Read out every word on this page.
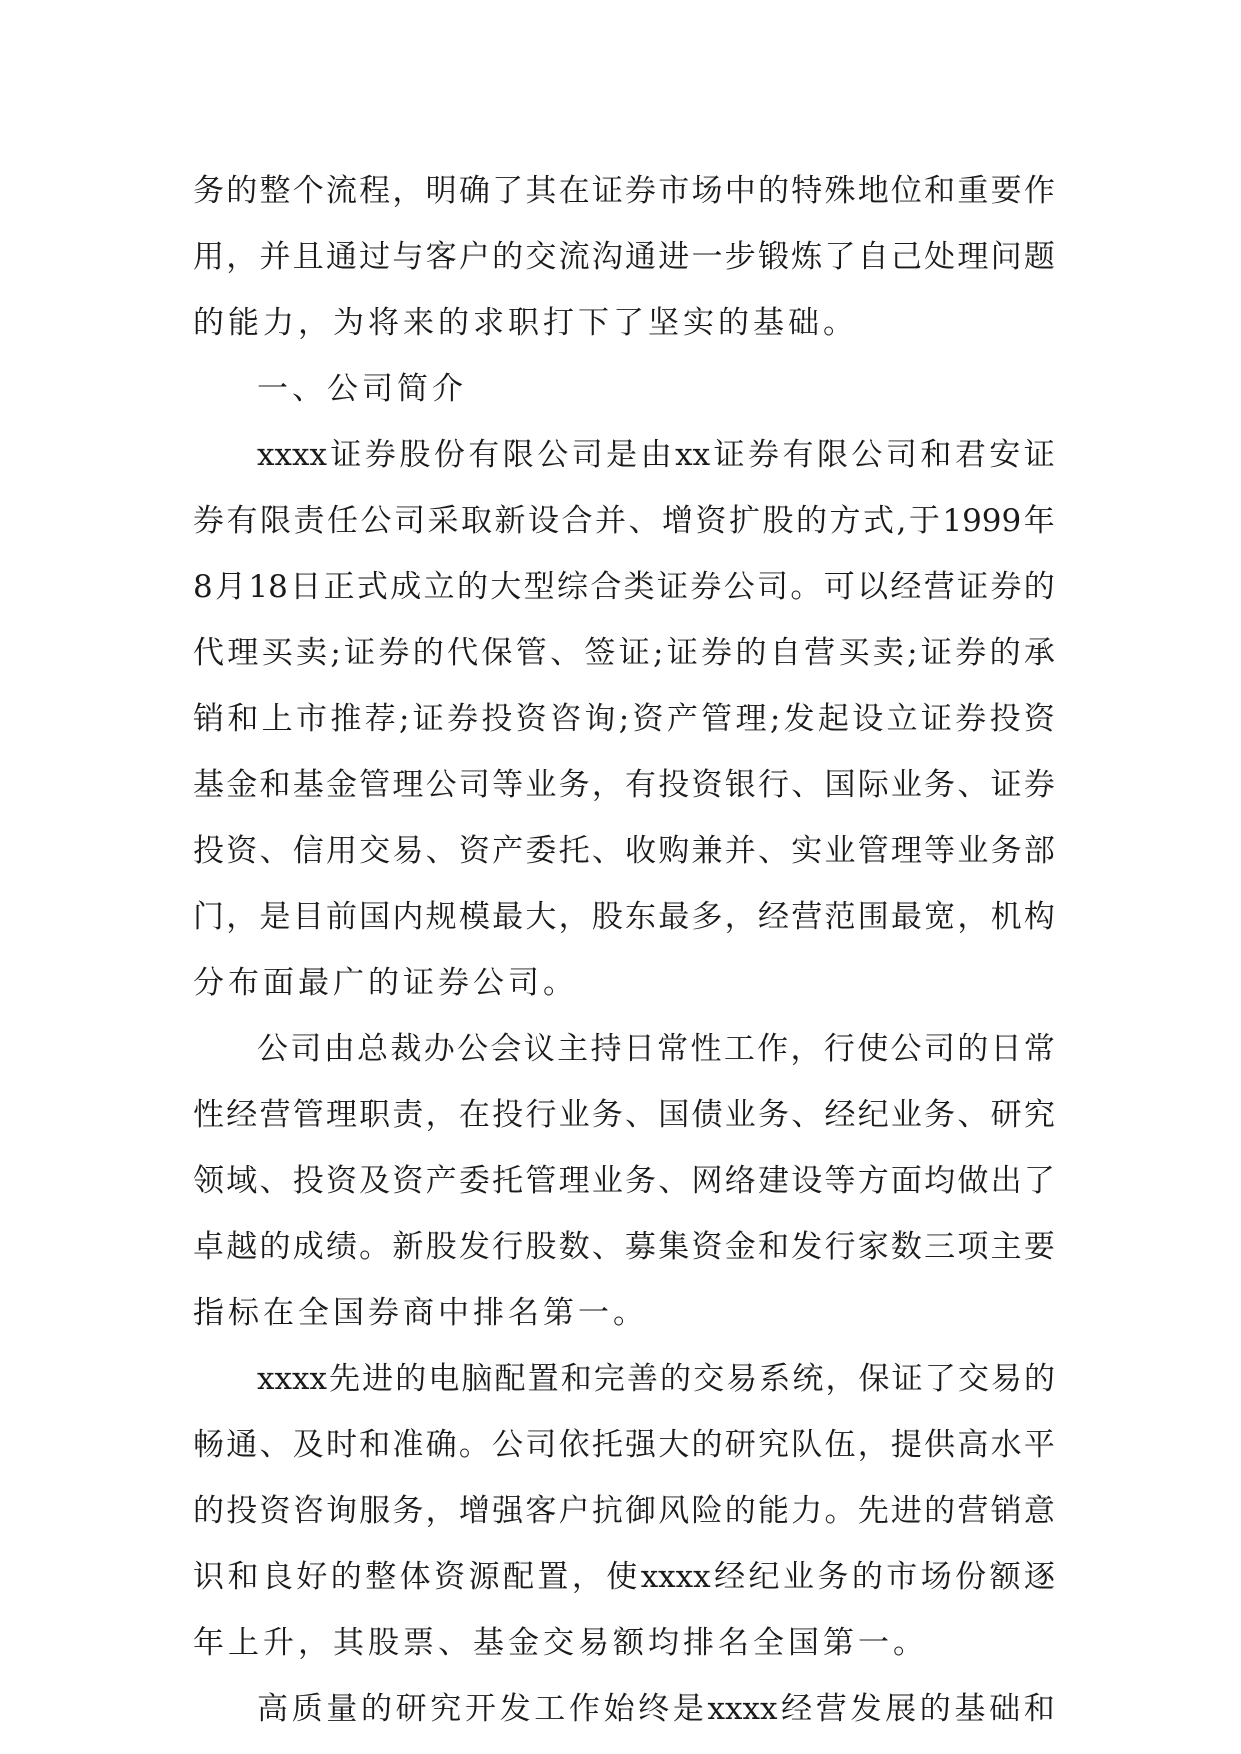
务 的 整 个 流 程 ， 明 确 了 其 在 证 券 市 场 中 的 特 殊 地 位 和 重 要 作
用 ， 并 且 通 过 与 客 户 的 交 流 沟 通 进 一 步 锻 炼 了 自 己 处 理 问 题
的能力，为将来的求职打下了坚实的基础。
一、公司简介
xxxx 证 券 股 份 有 限 公 司 是 由 xx 证 券 有 限 公 司 和 君 安 证
券 有 限 责 任 公 司 采 取 新 设 合 并 、 增 资 扩 股 的 方 式 , 于 1999 年
8 月 18 日 正 式 成 立 的 大 型 综 合 类 证 券 公 司 。 可 以 经 营 证 券 的
代 理 买 卖 ; 证 券 的 代 保 管 、 签 证 ; 证 券 的 自 营 买 卖 ; 证 券 的 承
销 和 上 市 推 荐 ; 证 券 投 资 咨 询 ; 资 产 管 理 ; 发 起 设 立 证 券 投 资
基 金 和 基 金 管 理 公 司 等 业 务 ， 有 投 资 银 行 、 国 际 业 务 、 证 券
投 资 、 信 用 交 易 、 资 产 委 托 、 收 购 兼 并 、 实 业 管 理 等 业 务 部
门 ， 是 目 前 国 内 规 模 最 大 ， 股 东 最 多 ， 经 营 范 围 最 宽 ， 机 构
分布面最广的证券公司。
公 司 由 总 裁 办 公 会 议 主 持 日 常 性 工 作 ， 行 使 公 司 的 日 常
性 经 营 管 理 职 责 ， 在 投 行 业 务 、 国 债 业 务 、 经 纪 业 务 、 研 究
领 域 、 投 资 及 资 产 委 托 管 理 业 务 、 网 络 建 设 等 方 面 均 做 出 了
卓 越 的 成 绩 。 新 股 发 行 股 数 、 募 集 资 金 和 发 行 家 数 三 项 主 要
指标在全国券商中排名第一。
xxxx 先 进 的 电 脑 配 置 和 完 善 的 交 易 系 统 ， 保 证 了 交 易 的
畅 通 、 及 时 和 准 确 。 公 司 依 托 强 大 的 研 究 队 伍 ， 提 供 高 水 平
的 投 资 咨 询 服 务 ， 增 强 客 户 抗 御 风 险 的 能 力 。 先 进 的 营 销 意
识 和 良 好 的 整 体 资 源 配 置 ， 使 xxxx 经 纪 业 务 的 市 场 份 额 逐
年上升，其股票、基金交易额均排名全国第一。
高 质 量 的 研 究 开 发 工 作 始 终 是 xxxx 经 营 发 展 的 基 础 和
